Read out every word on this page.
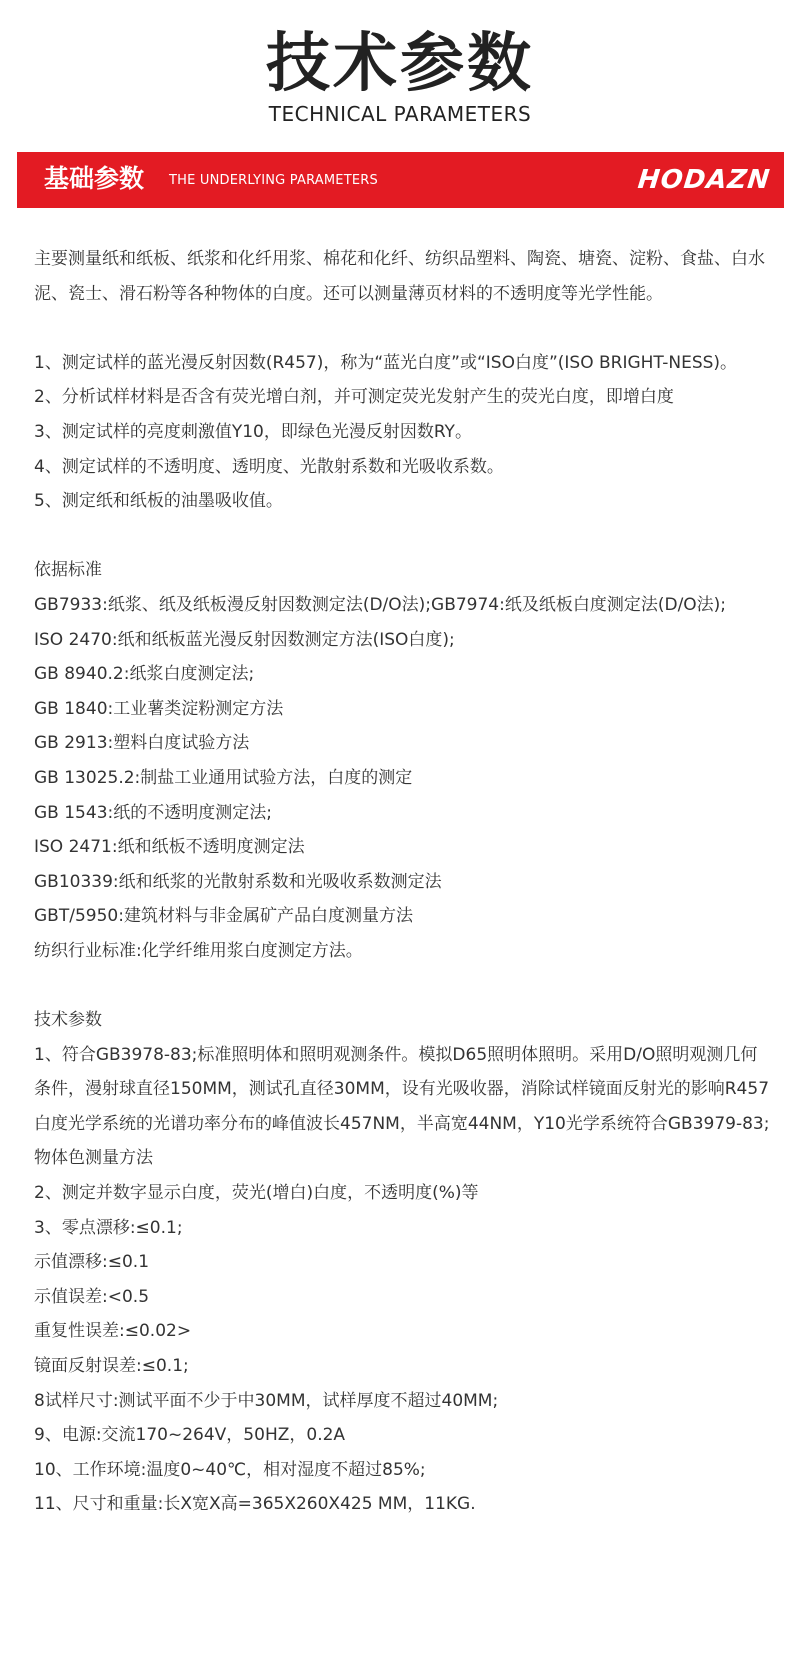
技术参数
TECHNICAL PARAMETERS
基础参数 THE UNDERLYING PARAMETERS	HODAZN

主要测量纸和纸板、纸浆和化纤用浆、棉花和化纤、纺织品塑料、陶瓷、塘瓷、淀粉、食盐、白水泥、瓷士、滑石粉等各种物体的白度。还可以测量薄页材料的不透明度等光学性能。

1、测定试样的蓝光漫反射因数(R457)，称为“蓝光白度”或“ISO白度”(ISO BRIGHT-NESS)。

2、分析试样材料是否含有荧光增白剂，并可测定荧光发射产生的荧光白度，即增白度

3、测定试样的亮度刺激值Y10，即绿色光漫反射因数RY。

4、测定试样的不透明度、透明度、光散射系数和光吸收系数。

5、测定纸和纸板的油墨吸收值。

依据标准

GB7933:纸浆、纸及纸板漫反射因数测定法(D/O法);GB7974:纸及纸板白度测定法(D/O法);

ISO 2470:纸和纸板蓝光漫反射因数测定方法(ISO白度);

GB 8940.2:纸浆白度测定法;

GB 1840:工业薯类淀粉测定方法

GB 2913:塑料白度试验方法

GB 13025.2:制盐工业通用试验方法，白度的测定

GB 1543:纸的不透明度测定法;

ISO 2471:纸和纸板不透明度测定法

GB10339:纸和纸浆的光散射系数和光吸收系数测定法

GBT/5950:建筑材料与非金属矿产品白度测量方法

纺织行业标准:化学纤维用浆白度测定方法。

技术参数

1、符合GB3978-83;标准照明体和照明观测条件。模拟D65照明体照明。采用D/O照明观测几何条件，漫射球直径150MM，测试孔直径30MM，设有光吸收器，消除试样镜面反射光的影响R457白度光学系统的光谱功率分布的峰值波长457NM，半高宽44NM，Y10光学系统符合GB3979-83;物体色测量方法

2、测定并数字显示白度，荧光(增白)白度，不透明度(%)等

3、零点漂移:≤0.1;

示值漂移:≤0.1

示值误差:<0.5

重复性误差:≤0.02>

镜面反射误差:≤0.1;

8试样尺寸:测试平面不少于中30MM，试样厚度不超过40MM;

9、电源:交流170~264V，50HZ，0.2A

10、工作环境:温度0~40℃，相对湿度不超过85%;

11、尺寸和重量:长X宽X高=365X260X425 MM，11KG.
